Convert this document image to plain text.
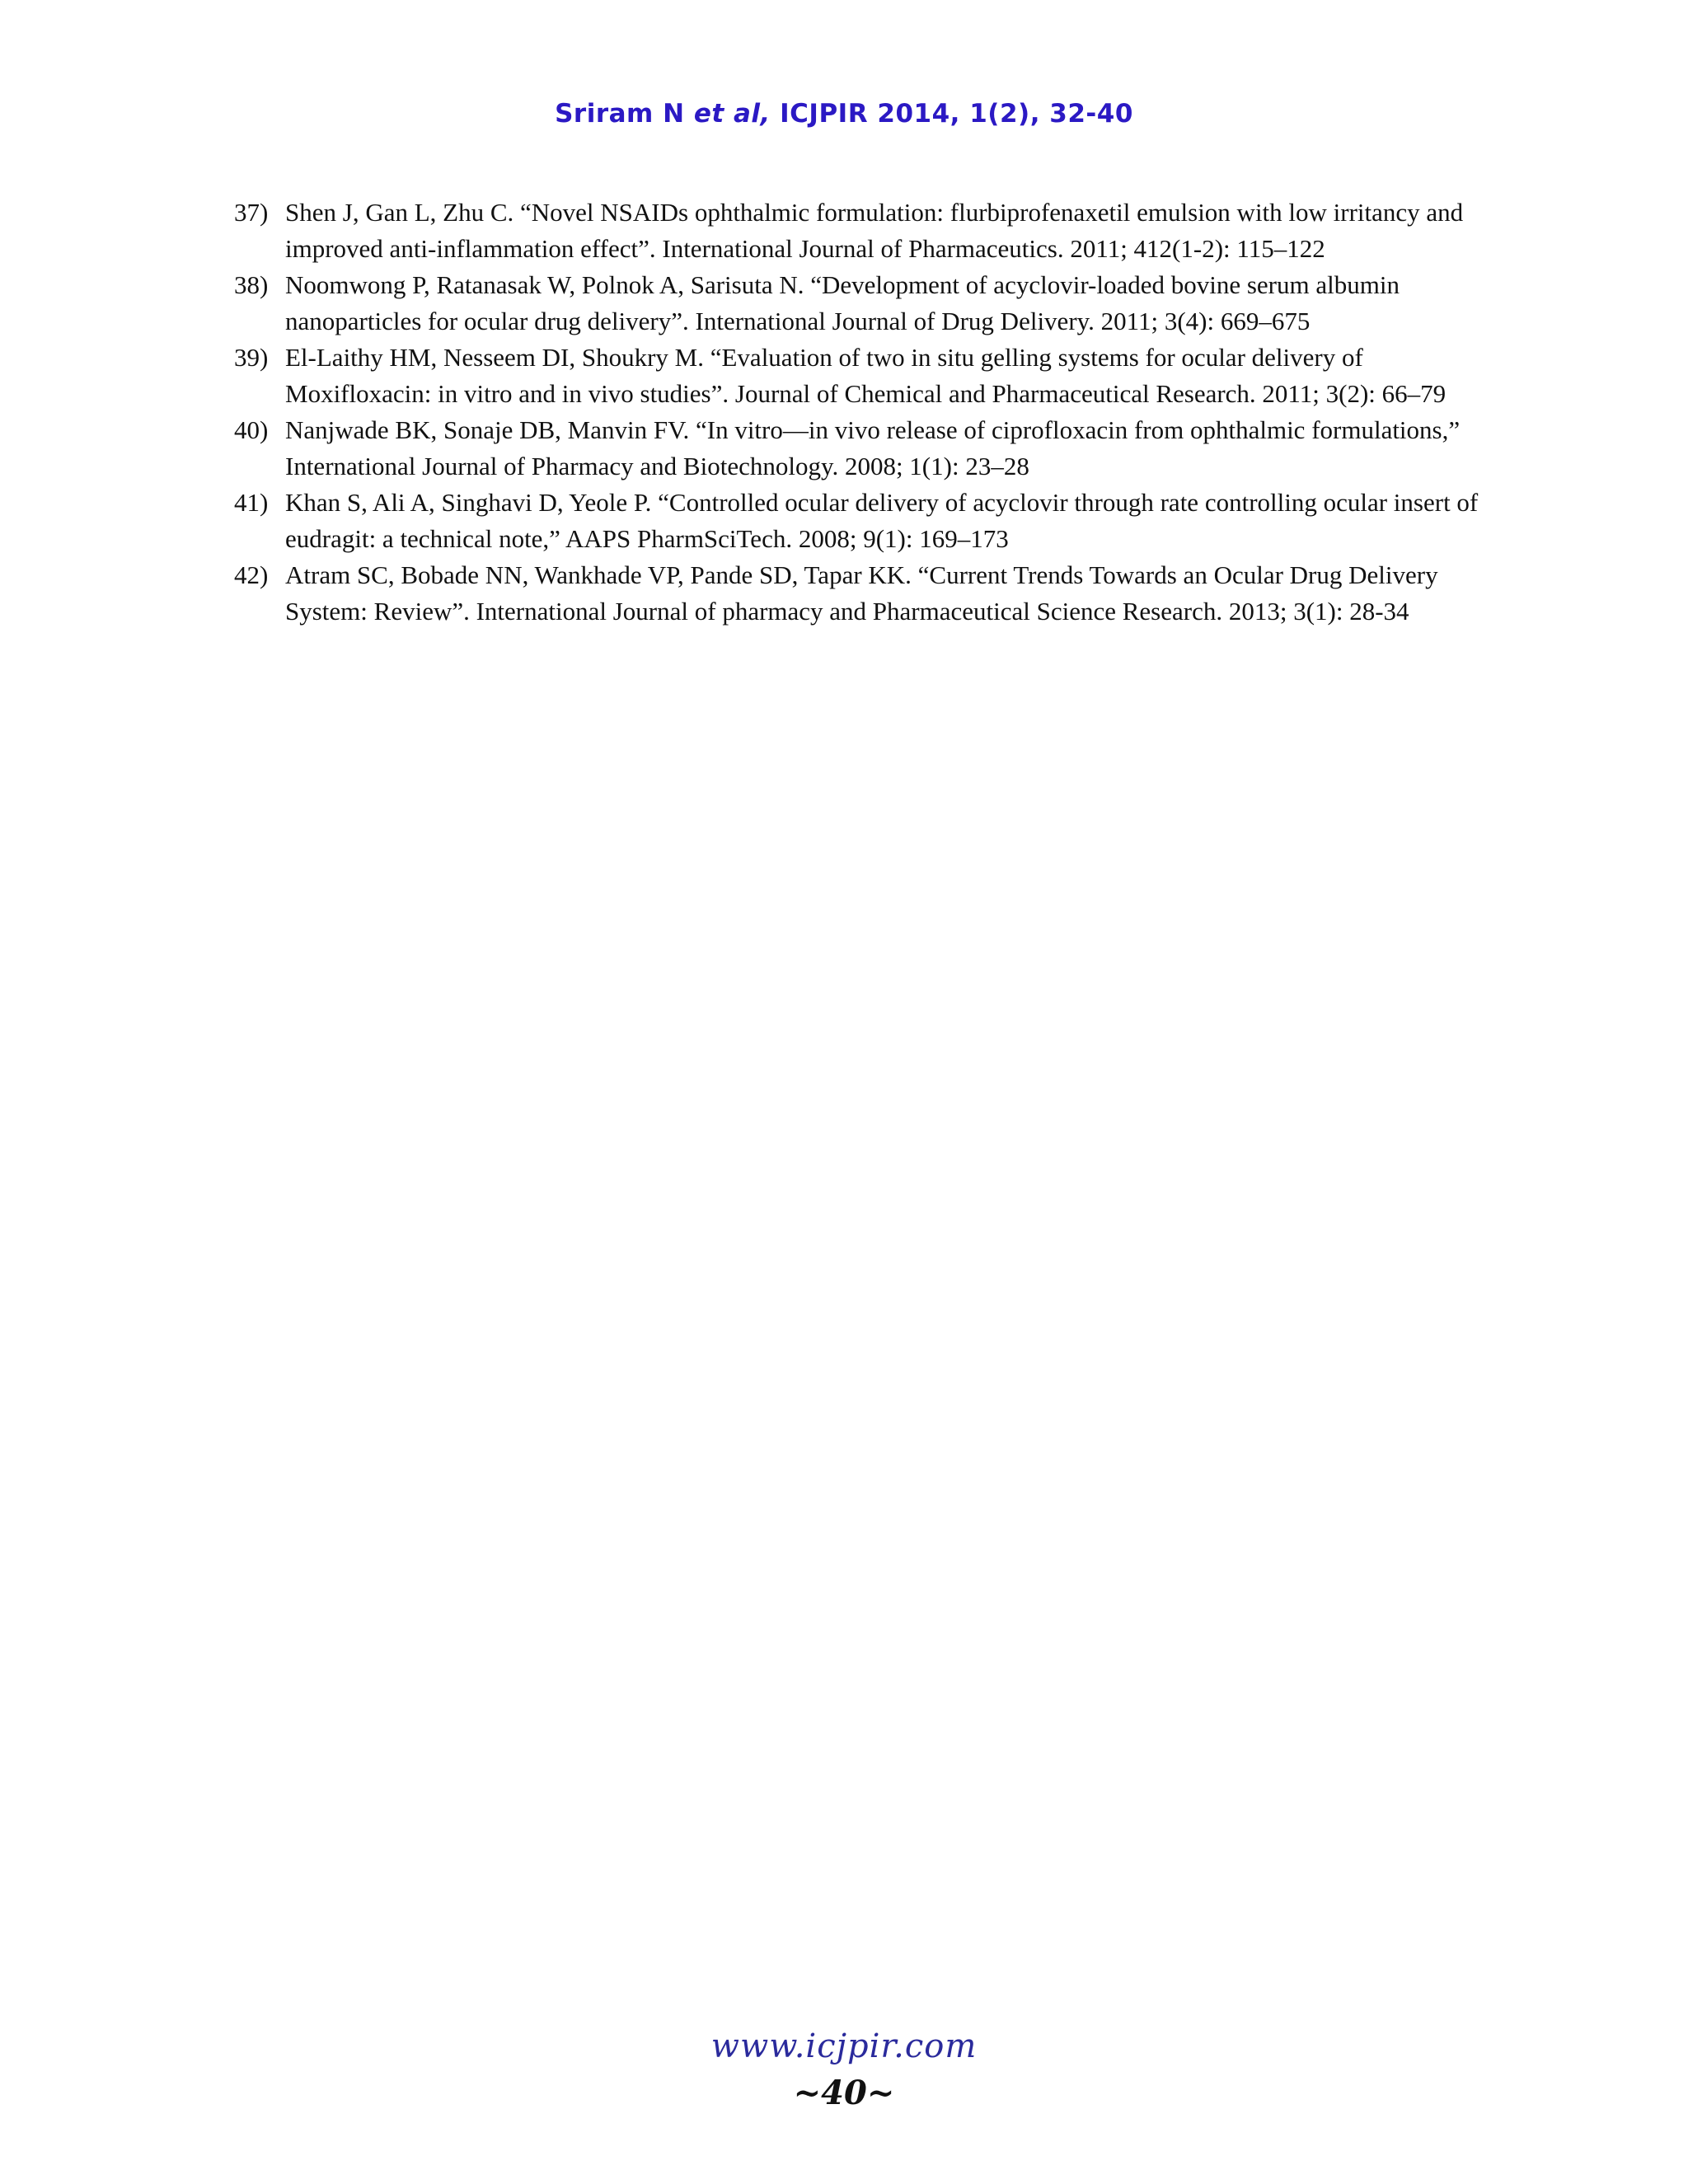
Sriram N et al, ICJPIR 2014, 1(2), 32-40
37) Shen J, Gan L, Zhu C. “Novel NSAIDs ophthalmic formulation: flurbiprofenaxetil emulsion with low irritancy and improved anti-inflammation effect”. International Journal of Pharmaceutics. 2011; 412(1-2): 115–122
38) Noomwong P, Ratanasak W, Polnok A, Sarisuta N. “Development of acyclovir-loaded bovine serum albumin nanoparticles for ocular drug delivery”. International Journal of Drug Delivery. 2011; 3(4): 669–675
39) El-Laithy HM, Nesseem DI, Shoukry M. “Evaluation of two in situ gelling systems for ocular delivery of Moxifloxacin: in vitro and in vivo studies”. Journal of Chemical and Pharmaceutical Research. 2011; 3(2): 66–79
40) Nanjwade BK, Sonaje DB, Manvin FV. “In vitro—in vivo release of ciprofloxacin from ophthalmic formulations,” International Journal of Pharmacy and Biotechnology. 2008; 1(1): 23–28
41) Khan S, Ali A, Singhavi D, Yeole P. “Controlled ocular delivery of acyclovir through rate controlling ocular insert of eudragit: a technical note,” AAPS PharmSciTech. 2008; 9(1): 169–173
42) Atram SC, Bobade NN, Wankhade VP, Pande SD, Tapar KK. “Current Trends Towards an Ocular Drug Delivery System: Review”. International Journal of pharmacy and Pharmaceutical Science Research. 2013; 3(1): 28-34
www.icjpir.com
~40~
